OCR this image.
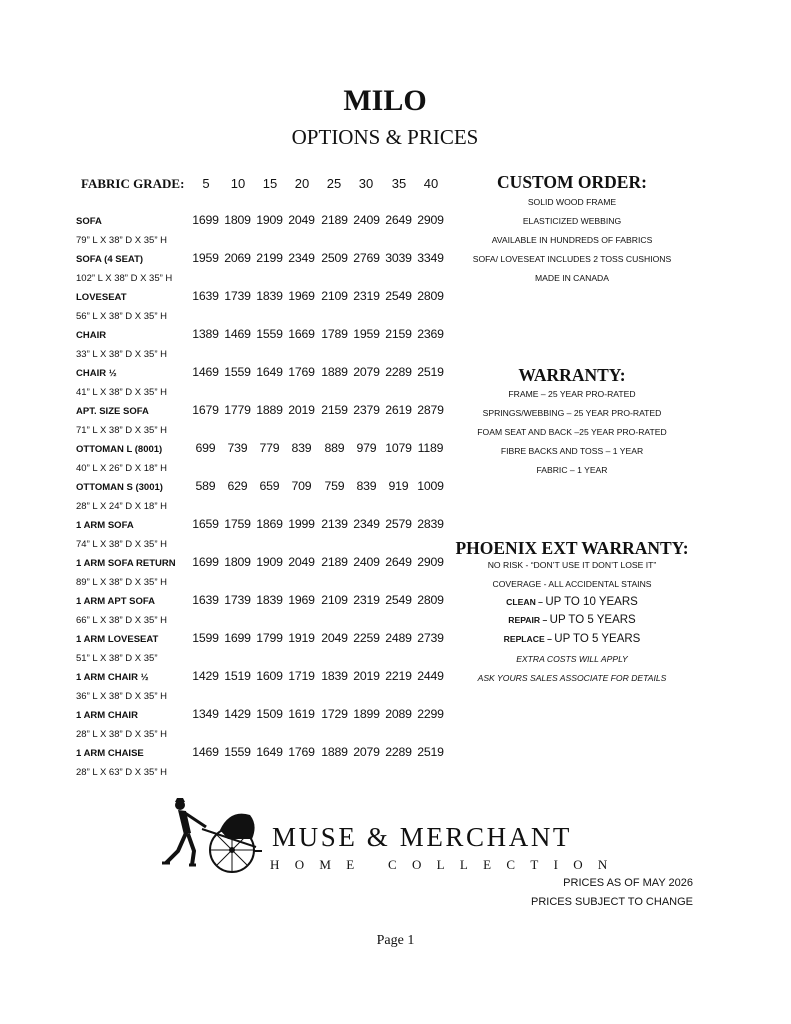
MILO
OPTIONS & PRICES
FABRIC GRADE:	5	10	15	20	25	30	35	40
SOFA
79” L X 38” D X 35” H
1699 1809 1909 2049 2189 2409 2649 2909
SOFA (4 SEAT)
102” L X 38” D X 35” H
1959 2069 2199 2349 2509 2769 3039 3349
LOVESEAT
56” L X 38” D X 35” H
1639 1739 1839 1969 2109 2319 2549 2809
CHAIR
33” L X 38” D X 35” H
1389 1469 1559 1669 1789 1959 2159 2369
CHAIR ½
41” L X 38” D X 35” H
1469 1559 1649 1769 1889 2079 2289 2519
APT. SIZE SOFA
71” L X 38” D X 35” H
1679 1779 1889 2019 2159 2379 2619 2879
OTTOMAN L (8001)
40” L X 26” D X 18” H
699 739 779 839	889 979 1079 1189
OTTOMAN S (3001)
28” L X 24” D X 18” H
589 629 659 709	759 839 919 1009
1 ARM SOFA
74” L X 38” D X 35” H
1659 1759 1869 1999 2139 2349 2579 2839
1 ARM SOFA RETURN
89” L X 38” D X 35” H
1699 1809 1909 2049 2189 2409 2649 2909
1 ARM APT SOFA
66” L X 38” D X 35” H
1639 1739 1839 1969 2109 2319 2549 2809
1 ARM LOVESEAT
51” L X 38” D X 35”
1599 1699 1799 1919 2049 2259 2489 2739
1 ARM CHAIR ½
36” L X 38” D X 35” H
1429 1519 1609 1719 1839 2019 2219 2449
1 ARM CHAIR
28” L X 38” D X 35” H
1349 1429 1509 1619 1729 1899 2089 2299
1 ARM CHAISE
28” L X 63” D X 35” H
1469 1559 1649 1769 1889 2079 2289 2519
CUSTOM ORDER:
SOLID WOOD FRAME
ELASTICIZED WEBBING
AVAILABLE IN HUNDREDS OF FABRICS
SOFA/ LOVESEAT INCLUDES 2 TOSS CUSHIONS
MADE IN CANADA
WARRANTY:
FRAME – 25 YEAR PRO-RATED
SPRINGS/WEBBING – 25 YEAR PRO-RATED
FOAM SEAT AND BACK –25 YEAR PRO-RATED
FIBRE BACKS AND TOSS – 1 YEAR
FABRIC – 1 YEAR
PHOENIX EXT WARRANTY:
NO RISK - “DON’T USE IT DON’T LOSE IT”
COVERAGE - ALL ACCIDENTAL STAINS
CLEAN – UP TO 10 YEARS
REPAIR – UP TO 5 YEARS
REPLACE – UP TO 5 YEARS
EXTRA COSTS WILL APPLY
ASK YOURS SALES ASSOCIATE FOR DETAILS
MUSE & MERCHANT
HOME COLLECTION
PRICES AS OF MAY 2026
PRICES SUBJECT TO CHANGE
Page 1
